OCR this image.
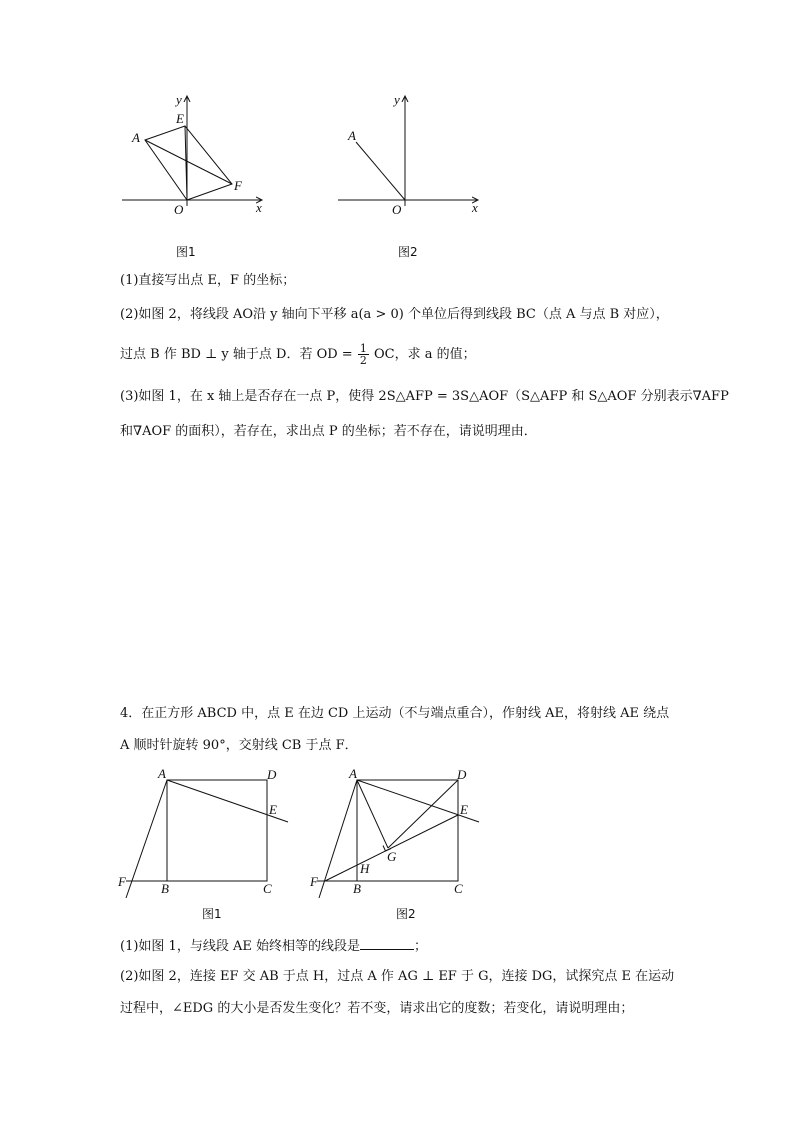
y
x
A
E
F
O
图1
y
x
A
O
图2
(1)直接写出点 E，F 的坐标；
(2)如图 2，将线段 AO沿 y 轴向下平移 a(a > 0) 个单位后得到线段 BC（点 A 与点 B 对应），
过点 B 作 BD ⊥ y 轴于点 D．若 OD = $\frac{1}{2}$ OC，求 a 的值；
(3)如图 1，在 x 轴上是否存在一点 P，使得 2S△AFP = 3S△AOF（S△AFP 和 S△AOF 分别表示∇AFP
和∇AOF 的面积），若存在，求出点 P 的坐标；若不存在，请说明理由．
4．在正方形 ABCD 中，点 E 在边 CD 上运动（不与端点重合），作射线 AE，将射线 AE 绕点
A 顺时针旋转 90°，交射线 CB 于点 F．
A	D
E
F	B	C
图1
A	D
E
F	B	C
H
G
图2
(1)如图 1，与线段 AE 始终相等的线段是	；
(2)如图 2，连接 EF 交 AB 于点 H，过点 A 作 AG ⊥ EF 于 G，连接 DG，试探究点 E 在运动
过程中，∠EDG 的大小是否发生变化？若不变，请求出它的度数；若变化，请说明理由；
